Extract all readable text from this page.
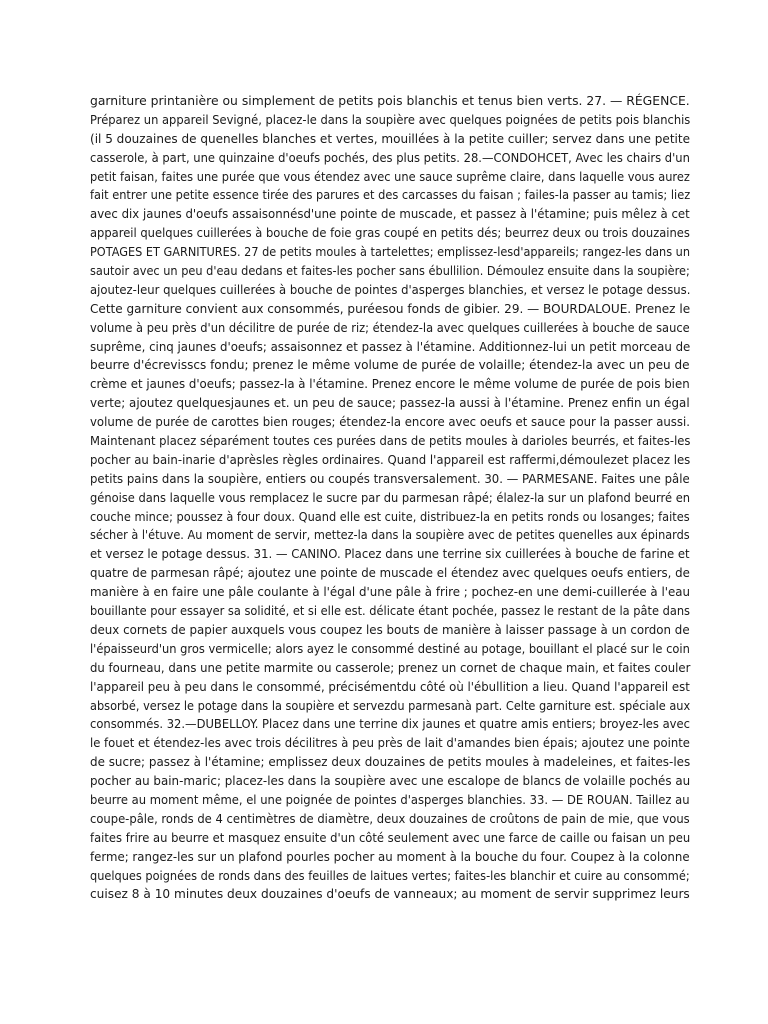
garniture printanière ou simplement de petits pois blanchis et tenus bien verts. 27. — RÉGENCE.
Préparez un appareil Sevigné, placez-le dans la soupière avec quelques poignées de petits pois blanchis
(il 5 douzaines de quenelles blanches et vertes, mouillées à la petite cuiller; servez dans une petite
casserole, à part, une quinzaine d'oeufs pochés, des plus petits. 28.—CONDOHCET, Avec les chairs d'un
petit faisan, faites une purée que vous étendez avec une sauce suprême claire, dans laquelle vous aurez
fait entrer une petite essence tirée des parures et des carcasses du faisan ; failes-la passer au tamis; liez
avec dix jaunes d'oeufs assaisonnésd'une pointe de muscade, et passez à l'étamine; puis mêlez à cet
appareil quelques cuillerées à bouche de foie gras coupé en petits dés; beurrez deux ou trois douzaines
POTAGES ET GARNITURES. 27 de petits moules à tartelettes; emplissez-lesd'appareils; rangez-les dans un
sautoir avec un peu d'eau dedans et faites-les pocher sans ébullilion. Démoulez ensuite dans la soupière;
ajoutez-leur quelques cuillerées à bouche de pointes d'asperges blanchies, et versez le potage dessus.
Cette garniture convient aux consommés, puréesou fonds de gibier. 29. — BOURDALOUE. Prenez le
volume à peu près d'un décilitre de purée de riz; étendez-la avec quelques cuillerées à bouche de sauce
suprême, cinq jaunes d'oeufs; assaisonnez et passez à l'étamine. Additionnez-lui un petit morceau de
beurre d'écrevisscs fondu; prenez le même volume de purée de volaille; étendez-la avec un peu de
crème et jaunes d'oeufs; passez-la à l'étamine. Prenez encore le même volume de purée de pois bien
verte; ajoutez quelquesjaunes et. un peu de sauce; passez-la aussi à l'étamine. Prenez enfin un égal
volume de purée de carottes bien rouges; étendez-la encore avec oeufs et sauce pour la passer aussi.
Maintenant placez séparément toutes ces purées dans de petits moules à darioles beurrés, et faites-les
pocher au bain-inarie d'aprèsles règles ordinaires. Quand l'appareil est raffermi,démoulezet placez les
petits pains dans la soupière, entiers ou coupés transversalement. 30. — PARMESANE. Faites une pâle
génoise dans laquelle vous remplacez le sucre par du parmesan râpé; élalez-la sur un plafond beurré en
couche mince; poussez à four doux. Quand elle est cuite, distribuez-la en petits ronds ou losanges; faites
sécher à l'étuve. Au moment de servir, mettez-la dans la soupière avec de petites quenelles aux épinards
et versez le potage dessus. 31. — CANINO. Placez dans une terrine six cuillerées à bouche de farine et
quatre de parmesan râpé; ajoutez une pointe de muscade el étendez avec quelques oeufs entiers, de
manière à en faire une pâle coulante à l'égal d'une pâle à frire ; pochez-en une demi-cuillerée à l'eau
bouillante pour essayer sa solidité, et si elle est. délicate étant pochée, passez le restant de la pâte dans
deux cornets de papier auxquels vous coupez les bouts de manière à laisser passage à un cordon de
l'épaisseurd'un gros vermicelle; alors ayez le consommé destiné au potage, bouillant el placé sur le coin
du fourneau, dans une petite marmite ou casserole; prenez un cornet de chaque main, et faites couler
l'appareil peu à peu dans le consommé, précisémentdu côté où l'ébullition a lieu. Quand l'appareil est
absorbé, versez le potage dans la soupière et servezdu parmesanà part. Celte garniture est. spéciale aux
consommés. 32.—DUBELLOY. Placez dans une terrine dix jaunes et quatre amis entiers; broyez-les avec
le fouet et étendez-les avec trois décilitres à peu près de lait d'amandes bien épais; ajoutez une pointe
de sucre; passez à l'étamine; emplissez deux douzaines de petits moules à madeleines, et faites-les
pocher au bain-maric; placez-les dans la soupière avec une escalope de blancs de volaille pochés au
beurre au moment même, el une poignée de pointes d'asperges blanchies. 33. — DE ROUAN. Taillez au
coupe-pâle, ronds de 4 centimètres de diamètre, deux douzaines de croûtons de pain de mie, que vous
faites frire au beurre et masquez ensuite d'un côté seulement avec une farce de caille ou faisan un peu
ferme; rangez-les sur un plafond pourles pocher au moment à la bouche du four. Coupez à la colonne
quelques poignées de ronds dans des feuilles de laitues vertes; faites-les blanchir et cuire au consommé;
cuisez 8 à 10 minutes deux douzaines d'oeufs de vanneaux; au moment de servir supprimez leurs
